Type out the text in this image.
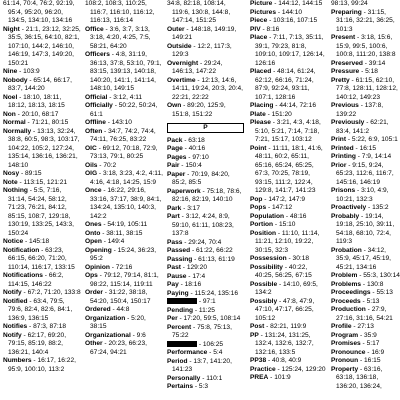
61:14, 70:4, 76:2, 92:19, 95:4, 95:20, 96:20, 134:5, 134:10, 134:16

Night - 21:1, 23:12, 32:25, 35:5, 36:15, 64:10, 82:1, 107:10, 144:2, 146:10, 146:19, 147:3, 149:20, 150:21

Nine - 103:9

Nobody - 65:14, 66:17, 83:7, 144:20

Noel - 18:10, 18:11, 18:12, 18:13, 18:15

Non - 20:10, 68:17

Normal - 71:21, 80:15

Normally - 13:13, 32:24, 38:8, 60:5, 98:3, 103:17, 104:22, 105:2, 127:24, 135:14, 136:16, 136:21, 148:10

Nosy - 89:15

Note - 113:15, 121:21

Nothing - 5:5, 7:16, 31:14, 54:24, 58:12, 71:23, 76:21, 84:12, 85:15, 108:7, 129:18, 130:19, 133:25, 143:3, 150:24

Notice - 145:18

Notification - 63:23, 66:15, 66:20, 71:20, 110:14, 116:17, 133:15

Notifications - 66:2, 114:15, 146:22

Notify - 67:2, 71:20, 133:8

Notified - 63:4, 79:5, 79:6, 82:4, 82:6, 84:1, 136:9, 136:15

Notifies - 87:3, 87:18

Notify - 62:17, 69:20, 79:15, 85:19, 88:2, 136:21, 140:4

Numbers - 16:17, 16:22, 95:9, 100:10, 113:2

108:2, 108:3, 110:25, 116:7, 116:10, 116:12, 116:13, 116:14

Office - 3:6, 3:7, 3:13, 3:18, 4:20, 4:25, 7:5, 58:21, 64:20

Officers - 4:8, 31:19, 36:13, 37:8, 53:10, 79:1, 83:15, 139:13, 140:18, 140:20, 141:1, 141:14, 148:10, 149:15

Official - 3:12, 4:11

Officially - 50:22, 50:24, 61:1

Offline - 143:10

Often - 34:7, 74:2, 74:4, 74:11, 76:25, 83:22

OIC - 69:12, 70:18, 72:9, 73:13, 79:1, 80:25

Oils - 70:2

OIG - 3:18, 3:23, 4:2, 4:11, 4:16, 4:18, 14:25, 15:9

Once - 16:22, 29:16, 33:16, 37:17, 38:9, 84:1, 134:24, 135:10, 140:3, 142:2

Ones - 54:19, 105:11

Onto - 38:11, 38:15

Open - 149:4

Opening - 15:24, 36:23, 95:2

Opinion - 72:16

Ops - 79:12, 79:14, 81:1, 98:22, 115:14, 119:11

Order - 31:22, 38:18, 54:20, 150:4, 150:17

Ordered - 44:8

Organization - 5:20, 38:15

Organizational - 9:6

Other - 20:23, 66:23, 67:24, 94:21

34:8, 82:18, 108:14, 119:6, 130:8, 144:8, 147:14, 151:25

Outer - 148:18, 149:19, 149:21

Outside - 12:2, 117:3, 129:3

Overnight - 29:24, 146:13, 147:22

Overtime - 12:13, 14:6, 14:11, 19:24, 20:3, 20:4, 22:21, 22:22

Own - 89:20, 125:9, 151:8, 151:22

P

Pack - 63:18

Page - 40:16

Pages - 97:10

Pair - 150:4

Paper - 70:19, 84:20, 85:2, 85:5

Paperwork - 75:18, 78:6, 82:16, 82:19, 140:10

Park - 3:17

Part - 3:12, 4:24, 8:9, 59:10, 61:11, 108:23, 137:8

Pass - 29:24, 70:4

Passed - 61:22, 66:22

Passing - 61:13, 61:19

Past - 129:20

Pause - 17:4

Pay - 18:16

Paying - 115:24, 135:16

- 97:1

Pending - 11:25

Per - 17:20, 59:5, 108:14

Percent - 75:8, 75:13, 75:22

- 106:25

Performance - 5:4

Period - 13:7, 141:20, 141:23

Personally - 110:1

Pertains - 5:3

Picture - 144:12, 144:15

Pictures - 144:10

Piece - 103:16, 107:15

PIV - 8:16

Place - 7:11, 7:13, 35:11, 39:1, 79:23, 81:8, 109:10, 109:17, 126:14, 126:16

Placed - 48:14, 61:24, 62:12, 66:16, 71:24, 87:9, 92:24, 93:11, 107:1, 128:16

Placing - 44:14, 72:16

Plate - 151:20

Please - 3:21, 4:3, 4:18, 5:10, 5:21, 7:14, 7:18, 7:21, 15:17, 103:12

Point - 11:11, 18:1, 41:6, 48:11, 60:2, 65:11, 65:16, 65:24, 65:25, 67:3, 70:25, 78:19, 93:15, 111:2, 122:4, 129:8, 141:7, 141:23

Pop - 147:2, 147:9

Pops - 147:12

Population - 48:16

Portion - 15:10

Position - 11:10, 11:14, 11:21, 12:10, 19:22, 30:15, 32:3

Possession - 30:18

Possibility - 40:22, 40:25, 56:25, 67:15

Possible - 14:10, 69:5, 134:2

Possibly - 47:8, 47:9, 47:10, 47:17, 66:25, 105:12

Post - 82:21, 119:9

PP - 131:24, 131:25, 132:4, 132:6, 132:7, 132:16, 133:5

PP38 - 40:8, 40:9

Practice - 125:24, 129:20

PREA - 101:9

98:13, 99:24

Preparing - 31:15, 31:16, 32:21, 36:25, 101:3

Present - 3:18, 15:6, 15:9, 99:5, 100:6, 100:8, 111:20, 138:8

Preserved - 39:14

Pressure - 5:18

Pretty - 61:15, 62:10, 77:8, 128:11, 128:12, 140:12, 149:23

Previous - 137:8, 139:22

Previously - 62:21, 83:4, 141:2

Print - 5:22, 6:9, 105:1

Printed - 16:15

Printing - 7:9, 14:14

Prior - 9:15, 9:24, 65:23, 112:6, 116:7, 145:16, 146:19

Prisons - 3:10, 4:9, 10:21, 132:3

Proactively - 135:2

Probably - 19:14, 19:18, 25:10, 39:11, 54:18, 68:10, 72:4, 119:3

Probation - 34:12, 35:9, 45:17, 45:19, 45:21, 134:16

Problem - 55:3, 130:14

Problems - 130:8

Proceedings - 55:13

Proceeds - 5:13

Production - 27:9, 27:16, 31:16, 54:21

Profile - 27:13

Program - 35:9

Promises - 5:17

Pronounce - 16:9

Pronoun - 16:15

Property - 63:16, 63:18, 136:18, 136:20, 136:24,
